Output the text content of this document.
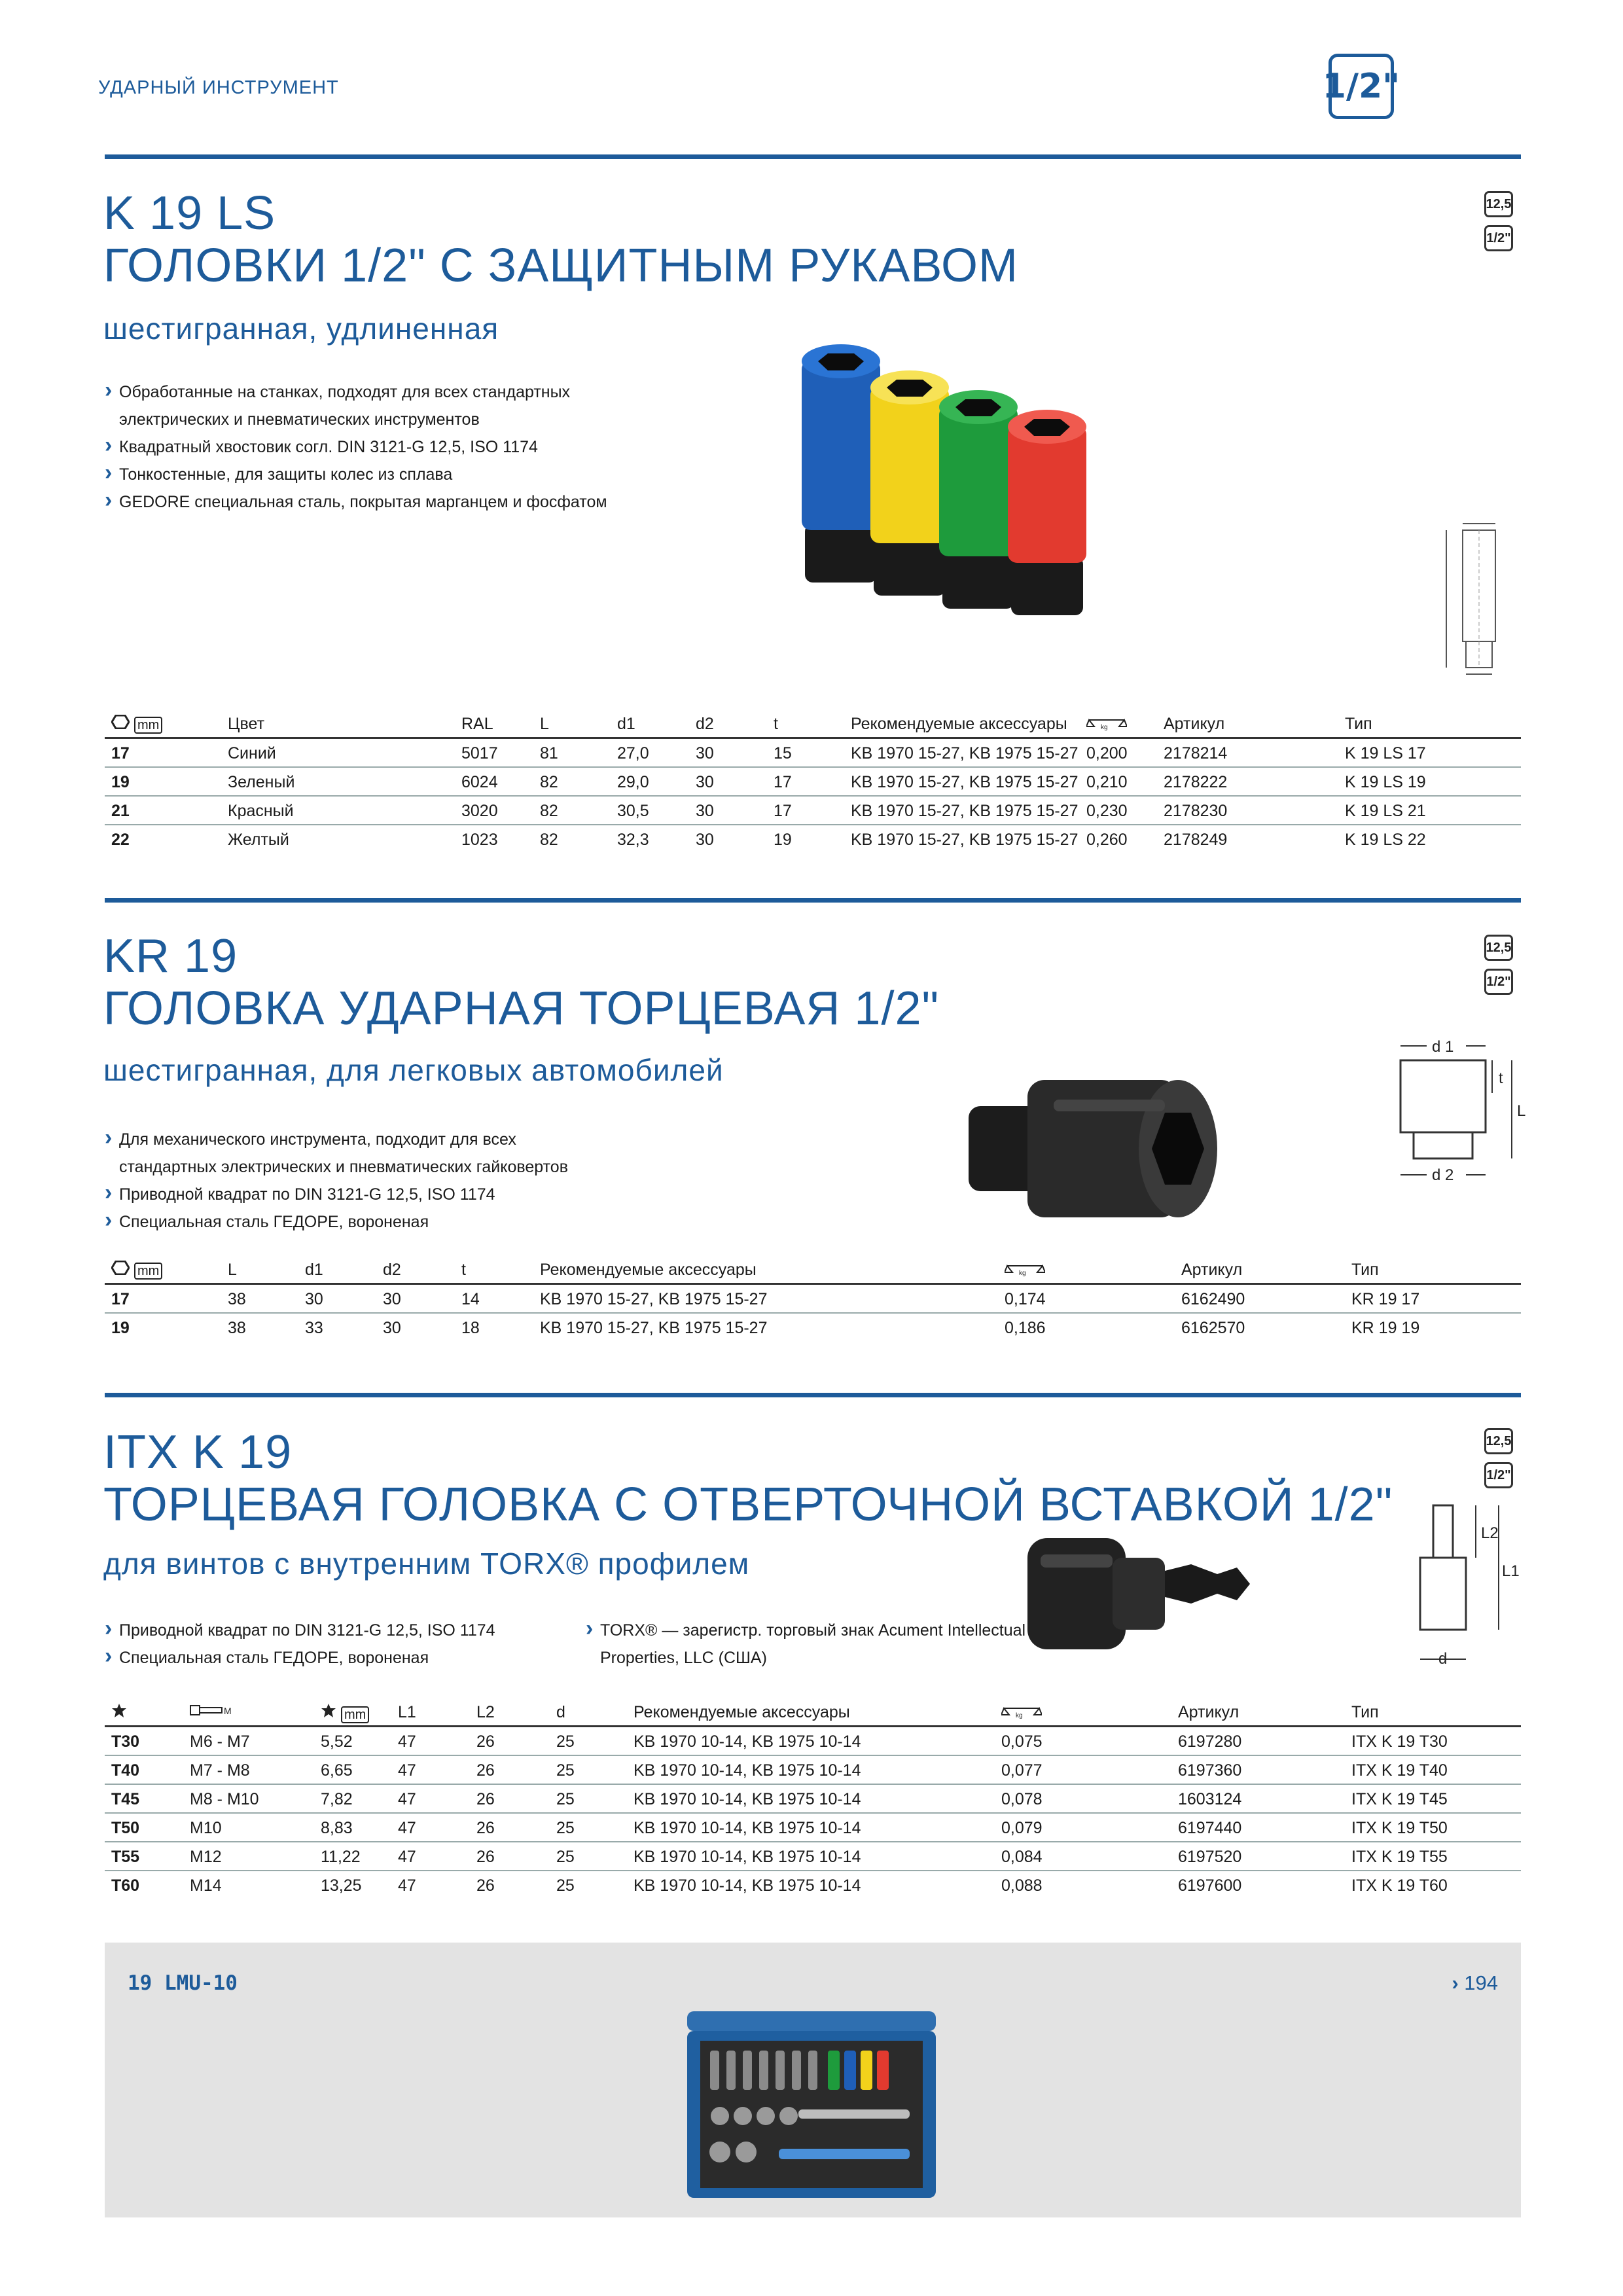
УДАРНЫЙ ИНСТРУМЕНТ	1/2"
K 19 LS
ГОЛОВКИ 1/2" С ЗАЩИТНЫМ РУКАВОМ
шестигранная, удлиненная
12,5
1/2"
› Обработанные на станках, подходят для всех стандартных
электрических и пневматических инструментов
› Квадратный хвостовик согл. DIN 3121-G 12,5, ISO 1174
› Тонкостенные, для защиты колес из сплава
› GEDORE специальная сталь, покрытая марганцем и фосфатом
mm	Цвет	RAL	L	d1	d2	t	Рекомендуемые аксессуары	kg	Артикул	Тип
17	Синий	5017	81	27,0	30	15	KB 1970 15-27, KB 1975 15-27 0,200 2178214	K 19 LS 17
19	Зеленый	6024	82	29,0	30	17	KB 1970 15-27, KB 1975 15-27 0,210 2178222	K 19 LS 19
21	Красный	3020	82	30,5	30	17	KB 1970 15-27, KB 1975 15-27 0,230 2178230	K 19 LS 21
22	Желтый	1023	82	32,3	30	19	KB 1970 15-27, KB 1975 15-27 0,260 2178249	K 19 LS 22
KR 19
ГОЛОВКА УДАРНАЯ ТОРЦЕВАЯ 1/2"
шестигранная, для легковых автомобилей
12,5
1/2"
› Для механического инструмента, подходит для всех
стандартных электрических и пневматических гайковертов
› Приводной квадрат по DIN 3121-G 12,5, ISO 1174
› Специальная сталь ГЕДОРЕ, вороненая
d 1
t
L
d 2
mm	L	d1	d2	t	Рекомендуемые аксессуары	kg	Артикул	Тип
17	38	30	30	14	KB 1970 15-27, KB 1975 15-27	0,174	6162490	KR 19 17
19	38	33	30	18	KB 1970 15-27, KB 1975 15-27	0,186	6162570	KR 19 19
ITX K 19
ТОРЦЕВАЯ ГОЛОВКА С ОТВЕРТОЧНОЙ ВСТАВКОЙ 1/2"
для винтов с внутренним TORX® профилем
12,5
1/2"
› Приводной квадрат по DIN 3121-G 12,5, ISO 1174
› Специальная сталь ГЕДОРЕ, вороненая
› TORX® — зарегистр. торговый знак Acument Intellectual
Properties, LLC (США)
L2
L1
d
M	mm L1	L2	d	Рекомендуемые аксессуары	kg	Артикул	Тип
T30	M6 - M7	5,52	47	26	25	KB 1970 10-14, KB 1975 10-14	0,075	6197280	ITX K 19 T30
T40	M7 - M8	6,65	47	26	25	KB 1970 10-14, KB 1975 10-14	0,077	6197360	ITX K 19 T40
T45	M8 - M10	7,82	47	26	25	KB 1970 10-14, KB 1975 10-14	0,078	1603124	ITX K 19 T45
T50	M10	8,83	47	26	25	KB 1970 10-14, KB 1975 10-14	0,079	6197440	ITX K 19 T50
T55	M12	11,22 47	26	25	KB 1970 10-14, KB 1975 10-14	0,084	6197520	ITX K 19 T55
T60	M14	13,25 47	26	25	KB 1970 10-14, KB 1975 10-14	0,088	6197600	ITX K 19 T60
19 LMU-10	› 194
